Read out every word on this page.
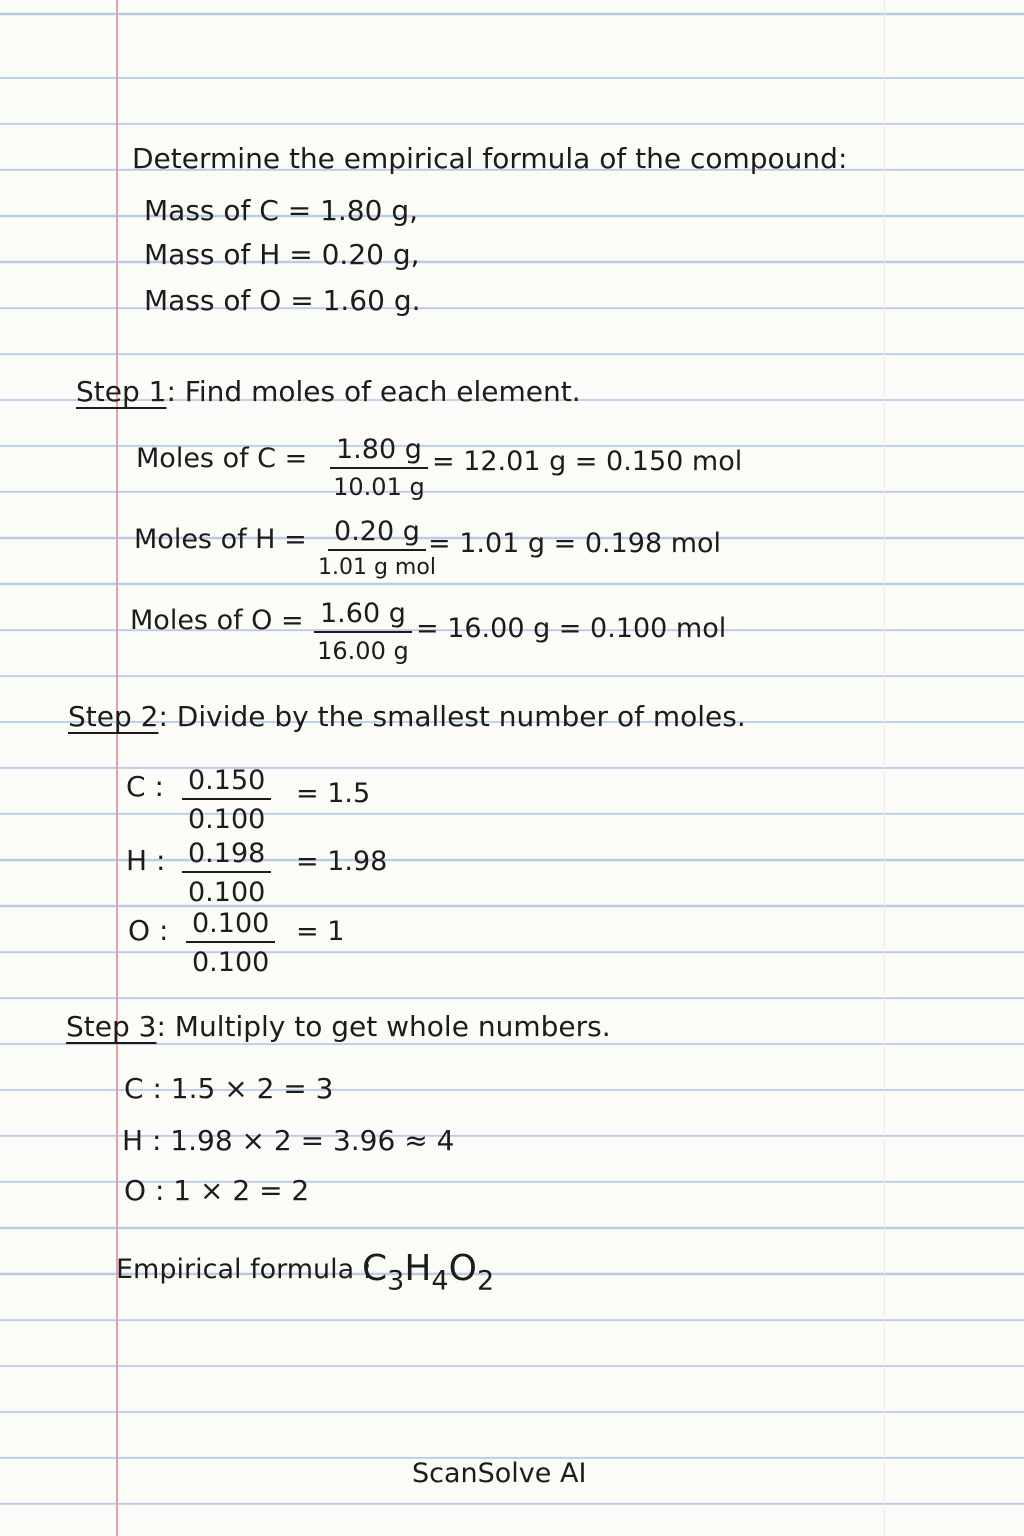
Determine the empirical formula of the compound:
Mass of C = 1.80 g,
Mass of H = 0.20 g,
Mass of O = 1.60 g.
Step 1: Find moles of each element.
Moles of $C = \frac{1.80 g}{10.01 g} = 12.01$ g = 0.150 mol
Moles of H = 0.20 g
1.01 g mol
= 1.01 g = 0.198 mol
Moles of $O = \frac{1.60 g}{16.00 g} = 16.00$ g = 0.100 mol
Step 2: Divide by the smallest number of moles.
C : $\frac{0.150}{0.100} = 1.5$
H : $\frac{0.198}{0.100} = 1.98$
O : $\frac{0.100}{0.100} = 1$
Step 3: Multiply to get whole numbers.
C : 1.5 × 2 = 3
H : 1.98 × 2 = 3.96 ≈ 4
O : 1 × 2 = 2
Empirical formula :
$C_3H_4O_2$
ScanSolve AI
